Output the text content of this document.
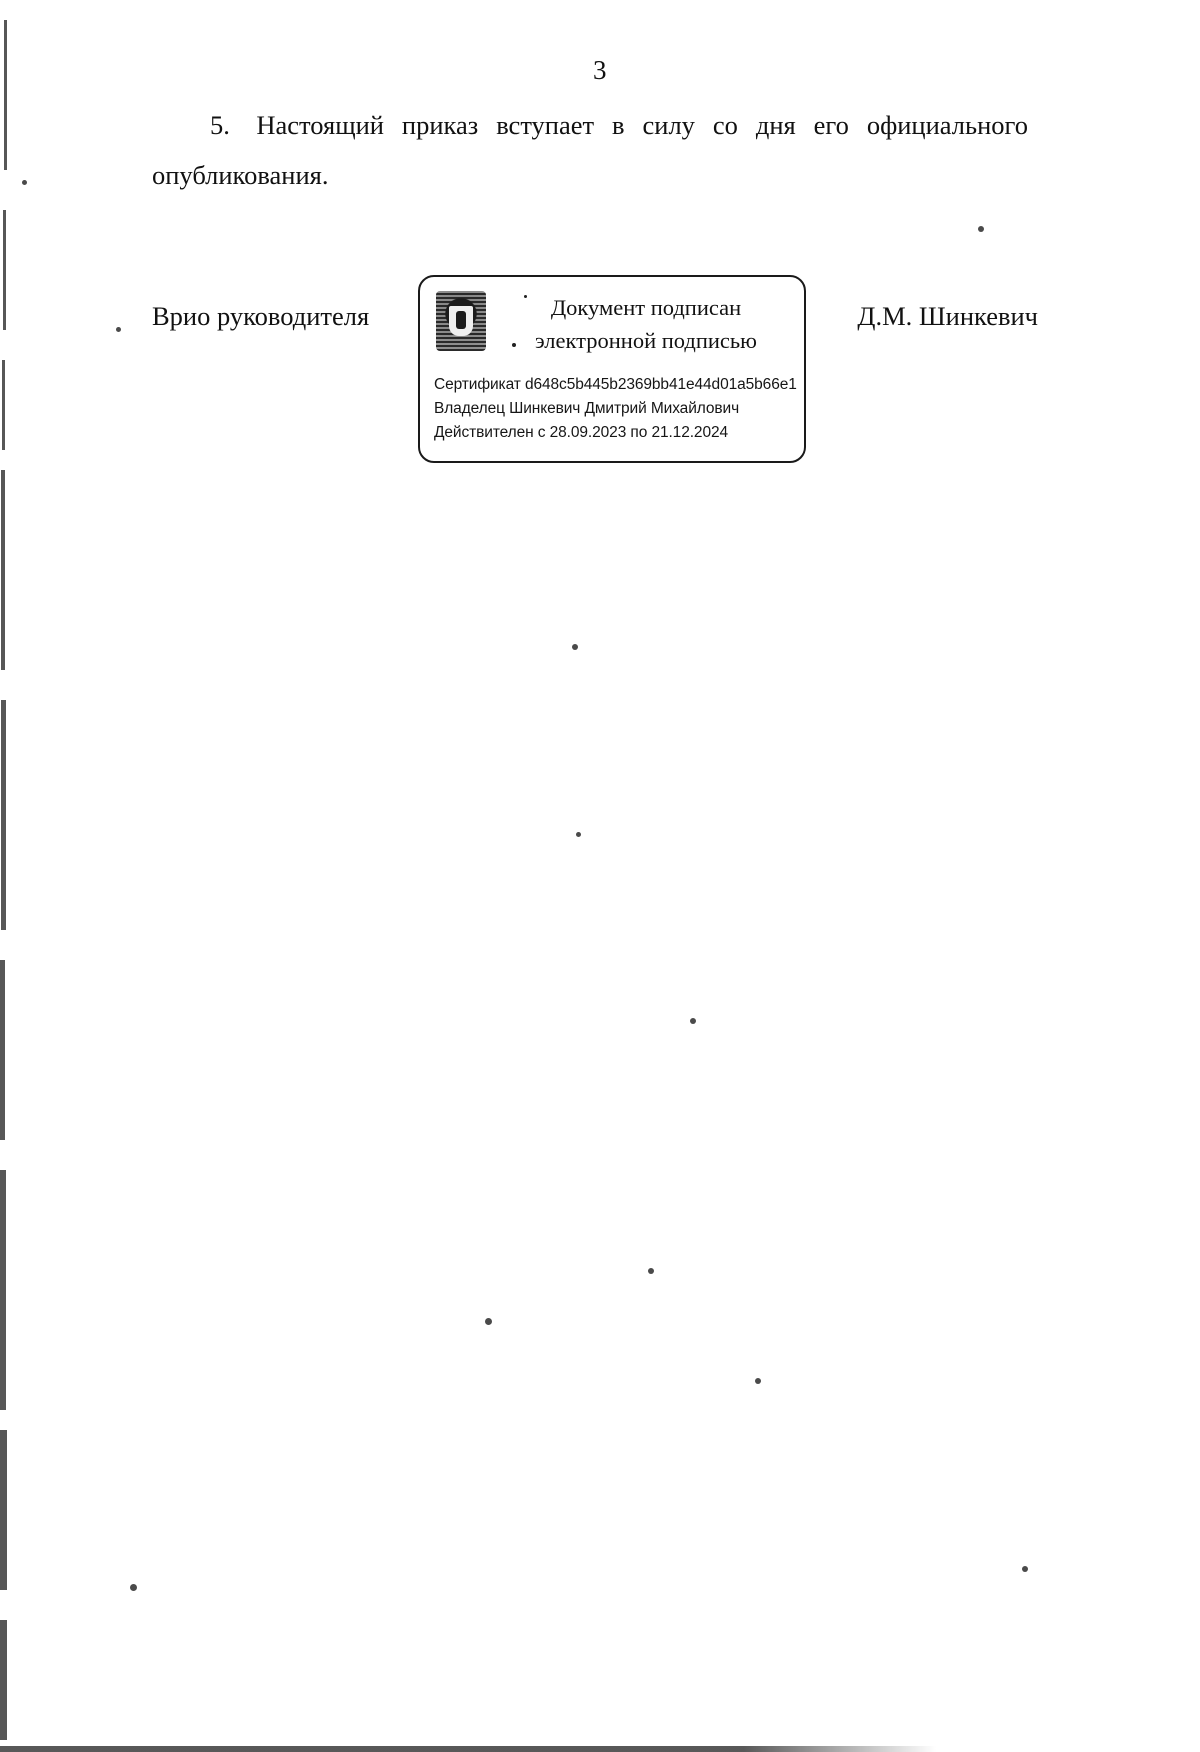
3
5. Настоящий приказ вступает в силу со дня его официального опубликования.
Врио руководителя	Д.М. Шинкевич
Документ подписан
электронной подписью
Сертификат d648c5b445b2369bb41e44d01a5b66e1
Владелец Шинкевич Дмитрий Михайлович
Действителен с 28.09.2023 по 21.12.2024
